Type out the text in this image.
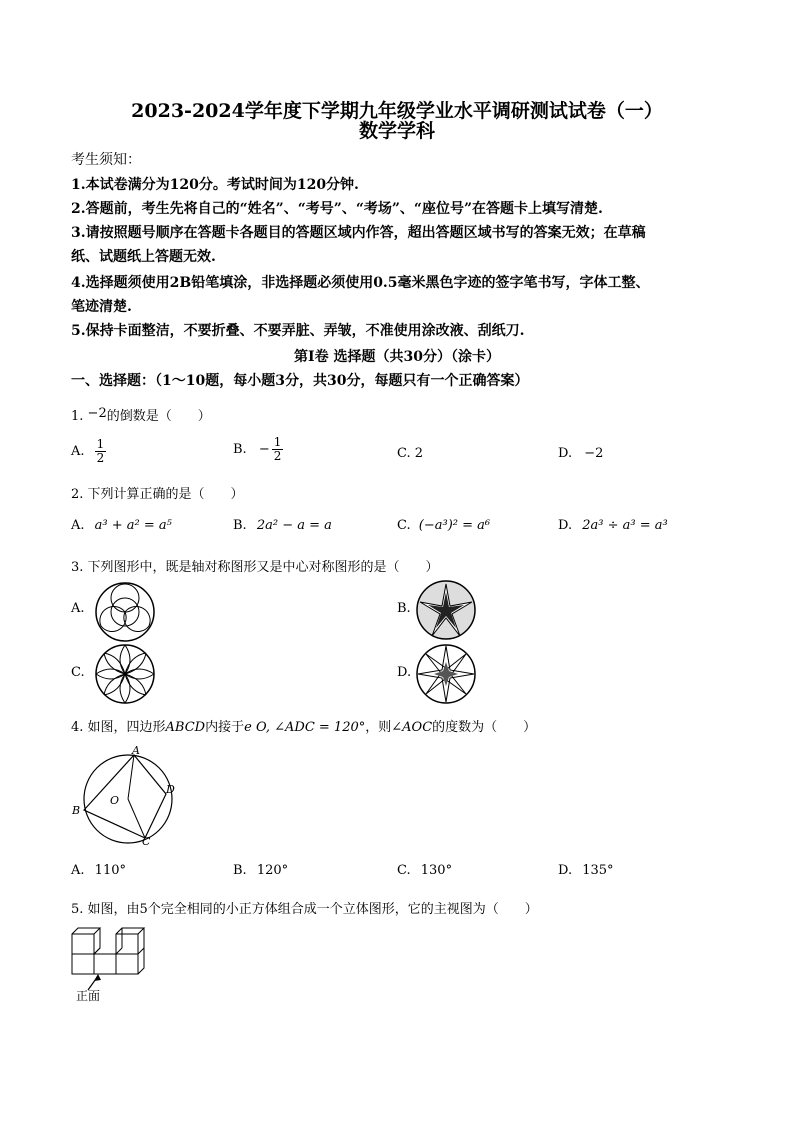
2023-2024学年度下学期九年级学业水平调研测试试卷（一）
数学学科
考生须知：
1.本试卷满分为120分。考试时间为120分钟.
2.答题前，考生先将自己的“姓名”、“考号”、“考场”、“座位号”在答题卡上填写清楚.
3.请按照题号顺序在答题卡各题目的答题区域内作答，超出答题区域书写的答案无效；在草稿
纸、试题纸上答题无效.
4.选择题须使用2B铅笔填涂，非选择题必须使用0.5毫米黑色字迹的签字笔书写，字体工整、
笔迹清楚.
5.保持卡面整洁，不要折叠、不要弄脏、弄皱，不准使用涂改液、刮纸刀.
第Ⅰ卷 选择题（共30分）（涂卡）
一、选择题：（1～10题，每小题3分，共30分，每题只有一个正确答案）
1. −2的倒数是（　　）
A. $\frac{1}{2}$	B. − $\frac{1}{2}$	C. 2	D. −2
2. 下列计算正确的是（　　）
A. a³ + a² = a⁵	B. 2a² − a = a	C. (−a³)² = a⁶	D. 2a³ ÷ a³ = a³
3. 下列图形中，既是轴对称图形又是中心对称图形的是（　　）
A.	B.
C.	D.
4. 如图，四边形ABCD内接于e O, ∠ADC = 120°，则∠AOC的度数为（　　）
A
B
C
D
O
A. 110°	B. 120°	C. 130°	D. 135°
5. 如图，由5个完全相同的小正方体组合成一个立体图形，它的主视图为（　　）
正面
